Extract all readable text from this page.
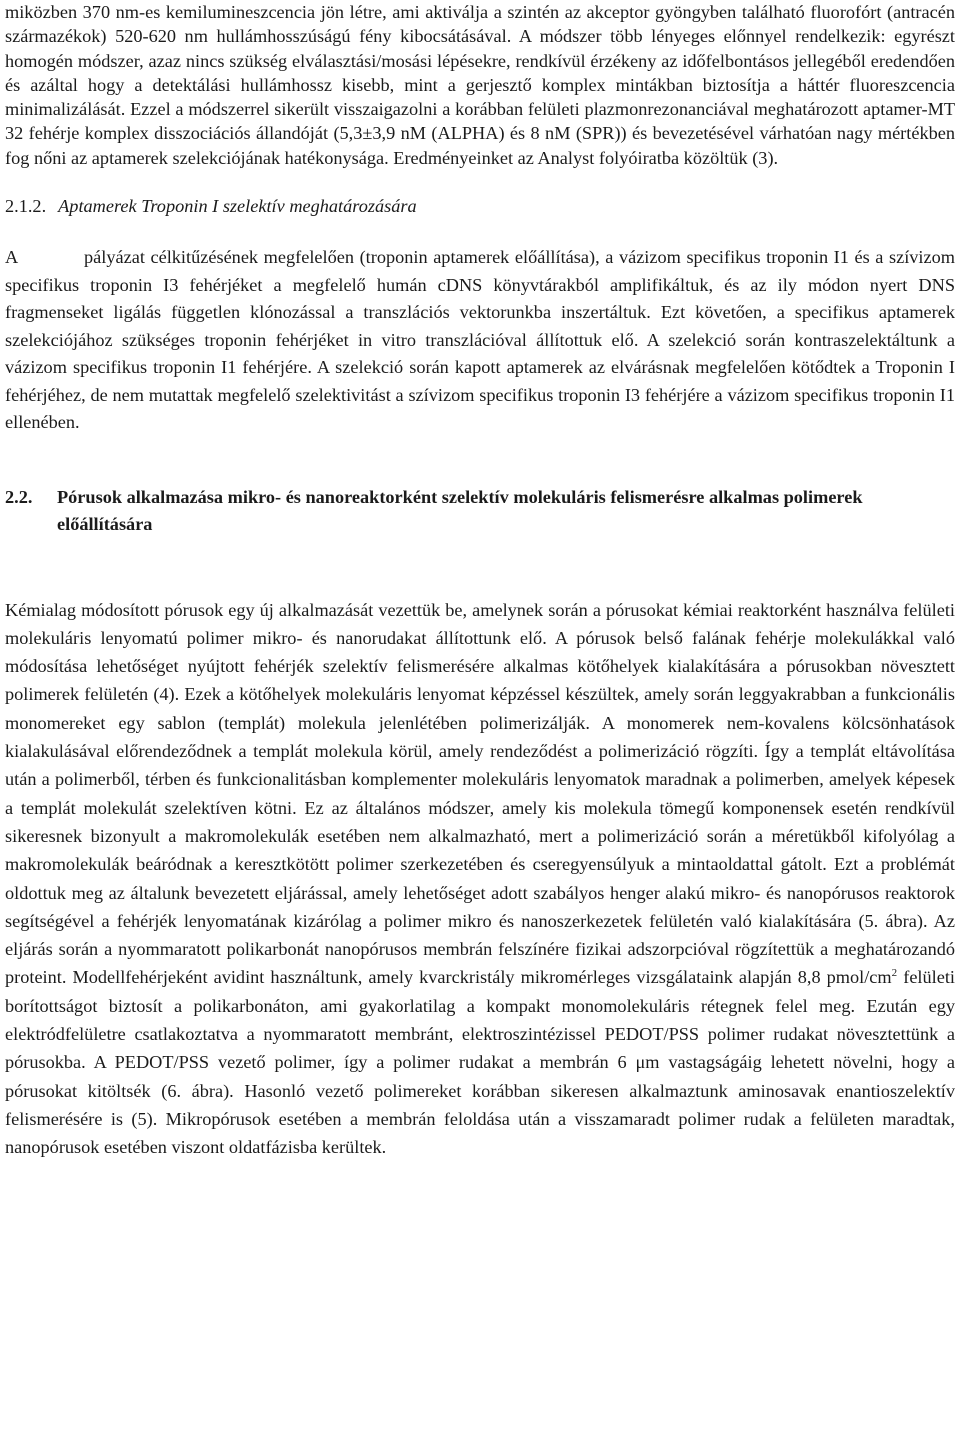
miközben 370 nm-es kemilumineszcencia jön létre, ami aktiválja a szintén az akceptor gyöngyben található fluorofórt (antracén származékok) 520-620 nm hullámhosszúságú fény kibocsátásával. A módszer több lényeges előnnyel rendelkezik: egyrészt homogén módszer, azaz nincs szükség elválasztási/mosási lépésekre, rendkívül érzékeny az időfelbontásos jellegéből eredendően és azáltal hogy a detektálási hullámhossz kisebb, mint a gerjesztő komplex mintákban biztosítja a háttér fluoreszcencia minimalizálását. Ezzel a módszerrel sikerült visszaigazolni a korábban felületi plazmonrezonanciával meghatározott aptamer-MT 32 fehérje komplex disszociációs állandóját (5,3±3,9 nM (ALPHA) és 8 nM (SPR)) és bevezetésével várhatóan nagy mértékben fog nőni az aptamerek szelekciójának hatékonysága. Eredményeinket az Analyst folyóiratba közöltük (3).

2.1.2. Aptamerek Troponin I szelektív meghatározására

A	pályázat célkitűzésének megfelelően (troponin aptamerek előállítása), a vázizom specifikus troponin I1 és a szívizom specifikus troponin I3 fehérjéket a megfelelő humán cDNS könyvtárakból amplifikáltuk, és az ily módon nyert DNS fragmenseket ligálás független klónozással a transzlációs vektorunkba inszertáltuk. Ezt követően, a specifikus aptamerek szelekciójához szükséges troponin fehérjéket in vitro transzlációval állítottuk elő. A szelekció során kontraszelektáltunk a vázizom specifikus troponin I1 fehérjére. A szelekció során kapott aptamerek az elvárásnak megfelelően kötődtek a Troponin I fehérjéhez, de nem mutattak megfelelő szelektivitást a szívizom specifikus troponin I3 fehérjére a vázizom specifikus troponin I1 ellenében.

2.2.	Pórusok alkalmazása mikro- és nanoreaktorként szelektív molekuláris felismerésre alkalmas polimerek előállítására

Kémialag módosított pórusok egy új alkalmazását vezettük be, amelynek során a pórusokat kémiai reaktorként használva felületi molekuláris lenyomatú polimer mikro- és nanorudakat állítottunk elő. A pórusok belső falának fehérje molekulákkal való módosítása lehetőséget nyújtott fehérjék szelektív felismerésére alkalmas kötőhelyek kialakítására a pórusokban növesztett polimerek felületén (4). Ezek a kötőhelyek molekuláris lenyomat képzéssel készültek, amely során leggyakrabban a funkcionális monomereket egy sablon (templát) molekula jelenlétében polimerizálják. A monomerek nem-kovalens kölcsönhatások kialakulásával előrendeződnek a templát molekula körül, amely rendeződést a polimerizáció rögzíti. Így a templát eltávolítása után a polimerből, térben és funkcionalitásban komplementer molekuláris lenyomatok maradnak a polimerben, amelyek képesek a templát molekulát szelektíven kötni. Ez az általános módszer, amely kis molekula tömegű komponensek esetén rendkívül sikeresnek bizonyult a makromolekulák esetében nem alkalmazható, mert a polimerizáció során a méretükből kifolyólag a makromolekulák beáródnak a keresztkötött polimer szerkezetében és cseregyensúlyuk a mintaoldattal gátolt. Ezt a problémát oldottuk meg az általunk bevezetett eljárással, amely lehetőséget adott szabályos henger alakú mikro- és nanopórusos reaktorok segítségével a fehérjék lenyomatának kizárólag a polimer mikro és nanoszerkezetek felületén való kialakítására (5. ábra). Az eljárás során a nyommaratott polikarbonát nanopórusos membrán felszínére fizikai adszorpcióval rögzítettük a meghatározandó proteint. Modellfehérjeként avidint használtunk, amely kvarckristály mikromérleges vizsgálataink alapján 8,8 pmol/$cm^2$ felületi borítottságot biztosít a polikarbonáton, ami gyakorlatilag a kompakt monomolekuláris rétegnek felel meg. Ezután egy elektródfelületre csatlakoztatva a nyommaratott membránt, elektroszintézissel PEDOT/PSS polimer rudakat növesztettünk a pórusokba. A PEDOT/PSS vezető polimer, így a polimer rudakat a membrán 6 μm vastagságáig lehetett növelni, hogy a pórusokat kitöltsék (6. ábra). Hasonló vezető polimereket korábban sikeresen alkalmaztunk aminosavak enantioszelektív felismerésére is (5). Mikropórusok esetében a membrán feloldása után a visszamaradt polimer rudak a felületen maradtak, nanopórusok esetében viszont oldatfázisba kerültek.
